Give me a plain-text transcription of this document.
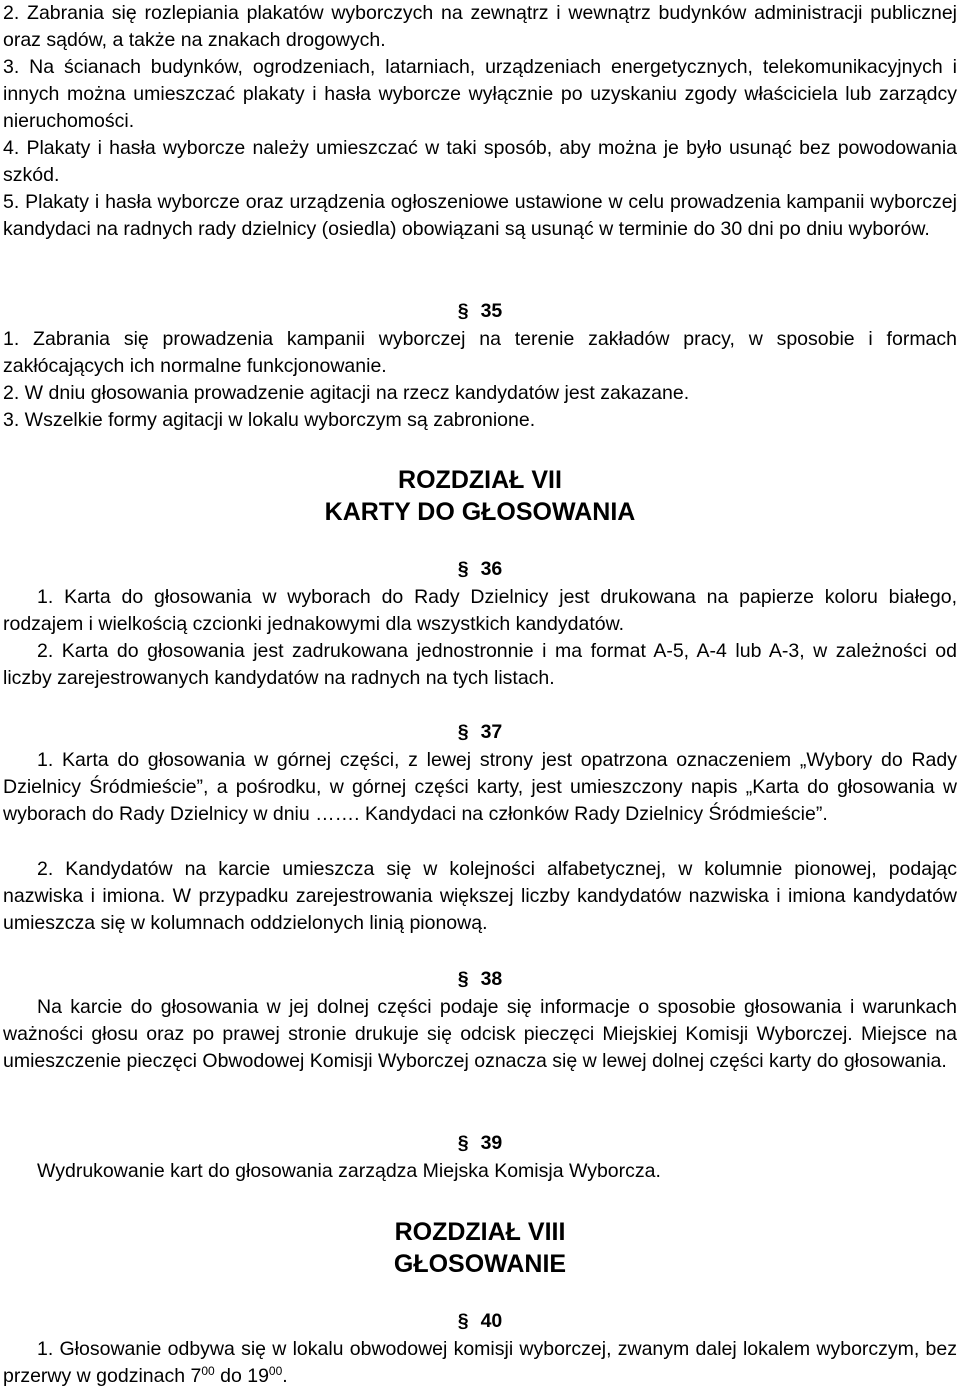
2. Zabrania się rozlepiania plakatów wyborczych na zewnątrz i wewnątrz budynków administracji publicznej oraz sądów, a także na znakach drogowych.
3. Na ścianach budynków, ogrodzeniach, latarniach, urządzeniach energetycznych, telekomunikacyjnych i innych można umieszczać plakaty i hasła wyborcze wyłącznie po uzyskaniu zgody właściciela lub zarządcy nieruchomości.
4. Plakaty i hasła wyborcze należy umieszczać w taki sposób, aby można je było usunąć bez powodowania szkód.
5. Plakaty i hasła wyborcze oraz urządzenia ogłoszeniowe ustawione w celu prowadzenia kampanii wyborczej kandydaci na radnych rady dzielnicy (osiedla) obowiązani są usunąć w terminie do 30 dni po dniu wyborów.
§ 35
1. Zabrania się prowadzenia kampanii wyborczej na terenie zakładów pracy, w sposobie i formach zakłócających ich normalne funkcjonowanie.
2. W dniu głosowania prowadzenie agitacji na rzecz kandydatów jest zakazane.
3. Wszelkie formy agitacji w lokalu wyborczym są zabronione.
ROZDZIAŁ VII
KARTY DO GŁOSOWANIA
§ 36
1. Karta do głosowania w wyborach do Rady Dzielnicy jest drukowana na papierze koloru białego, rodzajem i wielkością czcionki jednakowymi dla wszystkich kandydatów.
2. Karta do głosowania jest zadrukowana jednostronnie i ma format A-5, A-4 lub A-3, w zależności od liczby zarejestrowanych kandydatów na radnych na tych listach.
§ 37
1. Karta do głosowania w górnej części, z lewej strony jest opatrzona oznaczeniem „Wybory do Rady Dzielnicy Śródmieście”, a pośrodku, w górnej części karty, jest umieszczony napis „Karta do głosowania w wyborach do Rady Dzielnicy w dniu ……. Kandydaci na członków Rady Dzielnicy Śródmieście”.
2. Kandydatów na karcie umieszcza się w kolejności alfabetycznej, w kolumnie pionowej, podając nazwiska i imiona. W przypadku zarejestrowania większej liczby kandydatów nazwiska i imiona kandydatów umieszcza się w kolumnach oddzielonych linią pionową.
§ 38
Na karcie do głosowania w jej dolnej części podaje się informacje o sposobie głosowania i warunkach ważności głosu oraz po prawej stronie drukuje się odcisk pieczęci Miejskiej Komisji Wyborczej. Miejsce na umieszczenie pieczęci Obwodowej Komisji Wyborczej oznacza się w lewej dolnej części karty do głosowania.
§ 39
Wydrukowanie kart do głosowania zarządza Miejska Komisja Wyborcza.
ROZDZIAŁ VIII
GŁOSOWANIE
§ 40
1. Głosowanie odbywa się w lokalu obwodowej komisji wyborczej, zwanym dalej lokalem wyborczym, bez przerwy w godzinach $7^{00}$ do $19^{00}$.
